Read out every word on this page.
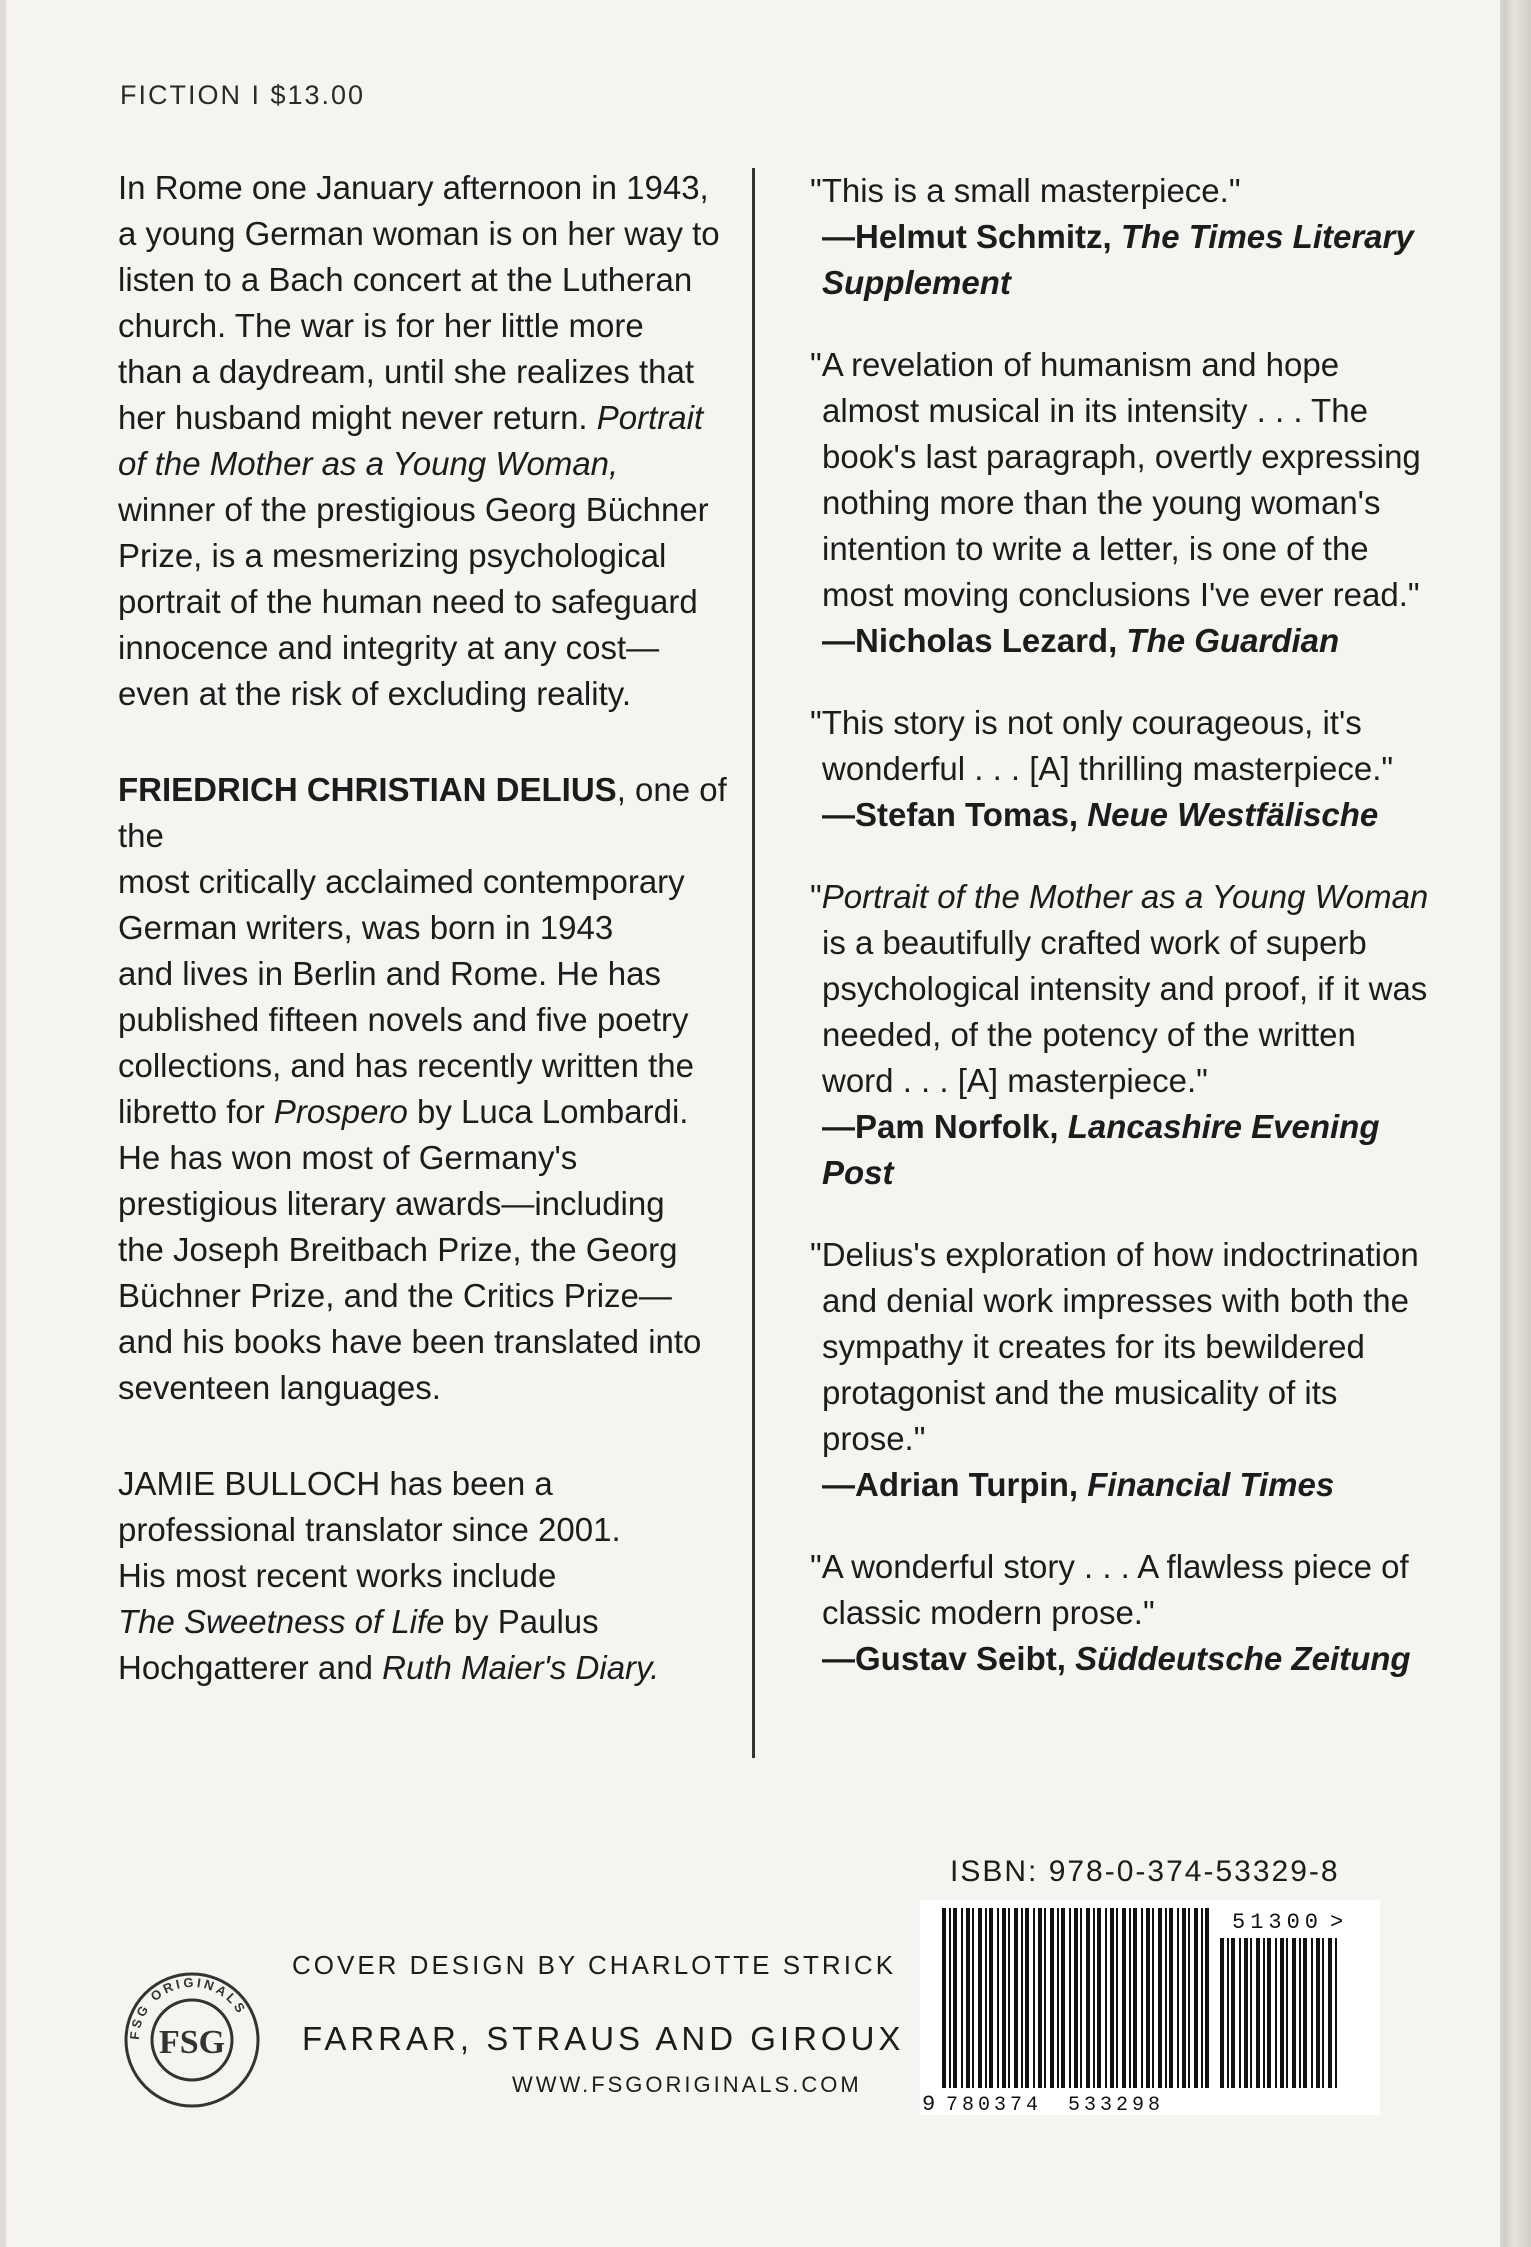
FICTION I $13.00

In Rome one January afternoon in 1943,
a young German woman is on her way to
listen to a Bach concert at the Lutheran
church. The war is for her little more
than a daydream, until she realizes that
her husband might never return. Portrait
of the Mother as a Young Woman,
winner of the prestigious Georg Büchner
Prize, is a mesmerizing psychological
portrait of the human need to safeguard
innocence and integrity at any cost—
even at the risk of excluding reality.

FRIEDRICH CHRISTIAN DELIUS, one of the
most critically acclaimed contemporary
German writers, was born in 1943
and lives in Berlin and Rome. He has
published fifteen novels and five poetry
collections, and has recently written the
libretto for Prospero by Luca Lombardi.
He has won most of Germany's
prestigious literary awards—including
the Joseph Breitbach Prize, the Georg
Büchner Prize, and the Critics Prize—
and his books have been translated into
seventeen languages.

JAMIE BULLOCH has been a
professional translator since 2001.
His most recent works include
The Sweetness of Life by Paulus
Hochgatterer and Ruth Maier's Diary.

"This is a small masterpiece."
—Helmut Schmitz, The Times Literary Supplement
"A revelation of humanism and hope almost musical in its intensity . . . The book's last paragraph, overtly expressing nothing more than the young woman's intention to write a letter, is one of the most moving conclusions I've ever read."
—Nicholas Lezard, The Guardian
"This story is not only courageous, it's wonderful . . . [A] thrilling masterpiece."
—Stefan Tomas, Neue Westfälische
"Portrait of the Mother as a Young Woman is a beautifully crafted work of superb psychological intensity and proof, if it was needed, of the potency of the written word . . . [A] masterpiece."
—Pam Norfolk, Lancashire Evening Post
"Delius's exploration of how indoctrination and denial work impresses with both the sympathy it creates for its bewildered protagonist and the musicality of its prose."
—Adrian Turpin, Financial Times
"A wonderful story . . . A flawless piece of classic modern prose."
—Gustav Seibt, Süddeutsche Zeitung
ISBN: 978-0-374-53329-8
51300 >
9 780374 533298
FSG ORIGINALS
FSG
COVER DESIGN BY CHARLOTTE STRICK
FARRAR, STRAUS AND GIROUX
WWW.FSGORIGINALS.COM
